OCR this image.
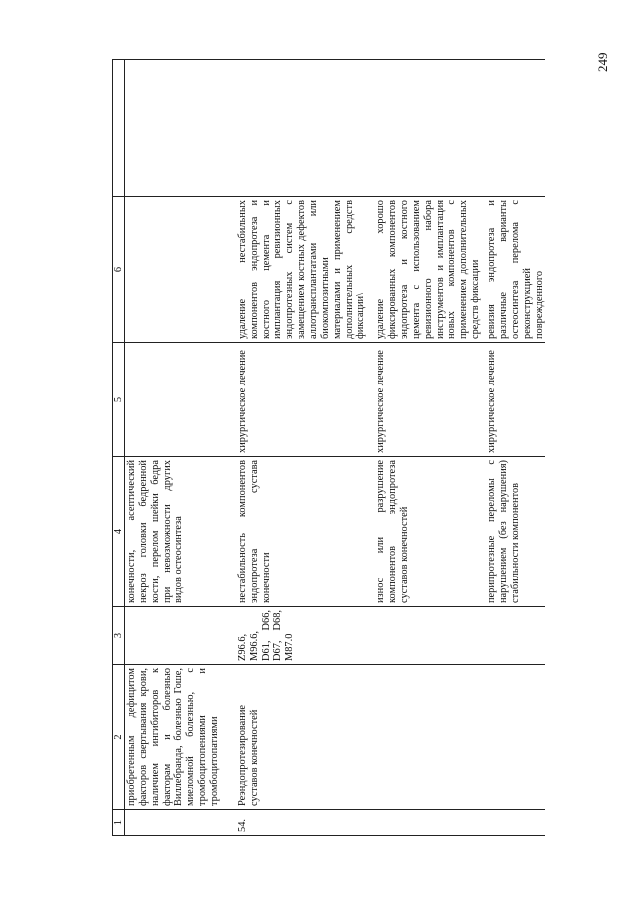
249
1	2	3	4	5	6	
	приобретенным дефицитом факторов свертывания крови, наличием ингибиторов к факторам и болезнью Виллебранда, болезнью Гоше, миеломной болезнью, с тромбоцитопениями и тромбоцитопатиями		конечности, асептический некроз головки бедренной кости, перелом шейки бедра при невозможности других видов остеосинтеза			
54.	Реэндопротезирование суставов конечностей	Z96.6, M96.6, D61, D66, D67, D68, M87.0	нестабильность компонентов эндопротеза сустава конечности	хирургическое лечение	удаление нестабильных компонентов эндопротеза и костного цемента и имплантация ревизионных эндопротезных систем с замещением костных дефектов аллотрансплантатами или биокомпозитными материалами и применением дополнительных средств фиксации\	
			износ или разрушение компонентов эндопротеза суставов конечностей	хирургическое лечение	удаление хорошо фиксированных компонентов эндопротеза и костного цемента с использованием ревизионного набора инструментов и имплантация новых компонентов с применением дополнительных средств фиксации	
			перипротезные переломы с нарушением (без нарушения) стабильности компонентов	хирургическое лечение	ревизия эндопротеза и различные варианты остеосинтеза перелома с реконструкцией поврежденного	
